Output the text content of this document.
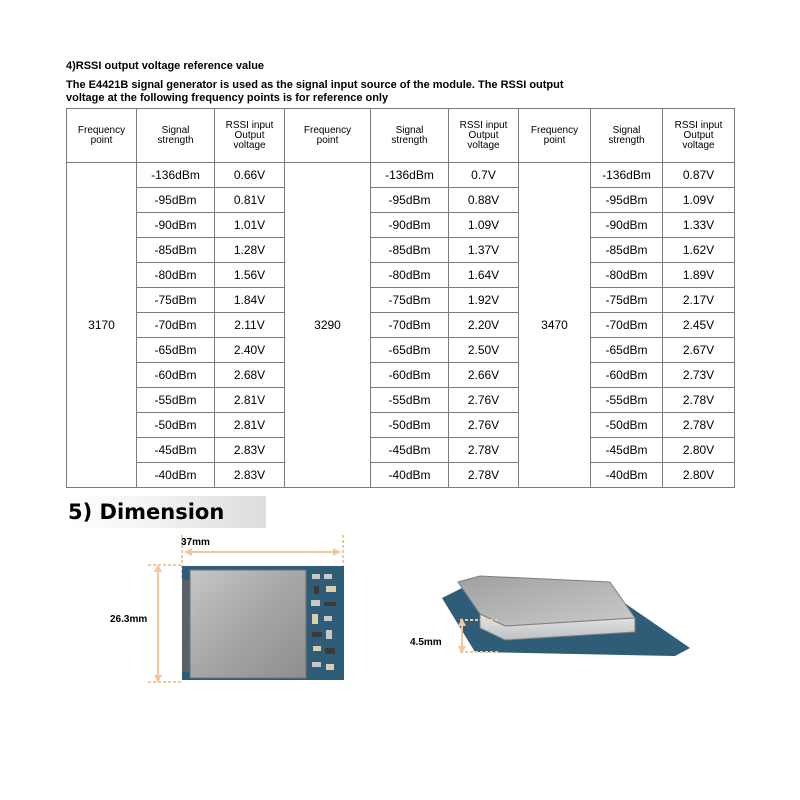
4)RSSI output voltage reference value
The E4421B signal generator is used as the signal input source of the module. The RSSI output
voltage at the following frequency points is for reference only
Frequency
point	Signal
strength	RSSI input
Output
voltage	Frequency
point	Signal
strength	RSSI input
Output
voltage	Frequency
point	Signal
strength	RSSI input
Output
voltage

3170	-136dBm	0.66V	3290	-136dBm	0.7V	3470	-136dBm	0.87V
	-95dBm	0.81V		-95dBm	0.88V		-95dBm	1.09V
	-90dBm	1.01V		-90dBm	1.09V		-90dBm	1.33V
	-85dBm	1.28V		-85dBm	1.37V		-85dBm	1.62V
	-80dBm	1.56V		-80dBm	1.64V		-80dBm	1.89V
	-75dBm	1.84V		-75dBm	1.92V		-75dBm	2.17V
	-70dBm	2.11V		-70dBm	2.20V		-70dBm	2.45V
	-65dBm	2.40V		-65dBm	2.50V		-65dBm	2.67V
	-60dBm	2.68V		-60dBm	2.66V		-60dBm	2.73V
	-55dBm	2.81V		-55dBm	2.76V		-55dBm	2.78V
	-50dBm	2.81V		-50dBm	2.76V		-50dBm	2.78V
	-45dBm	2.83V		-45dBm	2.78V		-45dBm	2.80V
	-40dBm	2.83V		-40dBm	2.78V		-40dBm	2.80V
5) Dimension
37mm
26.3mm
4.5mm
